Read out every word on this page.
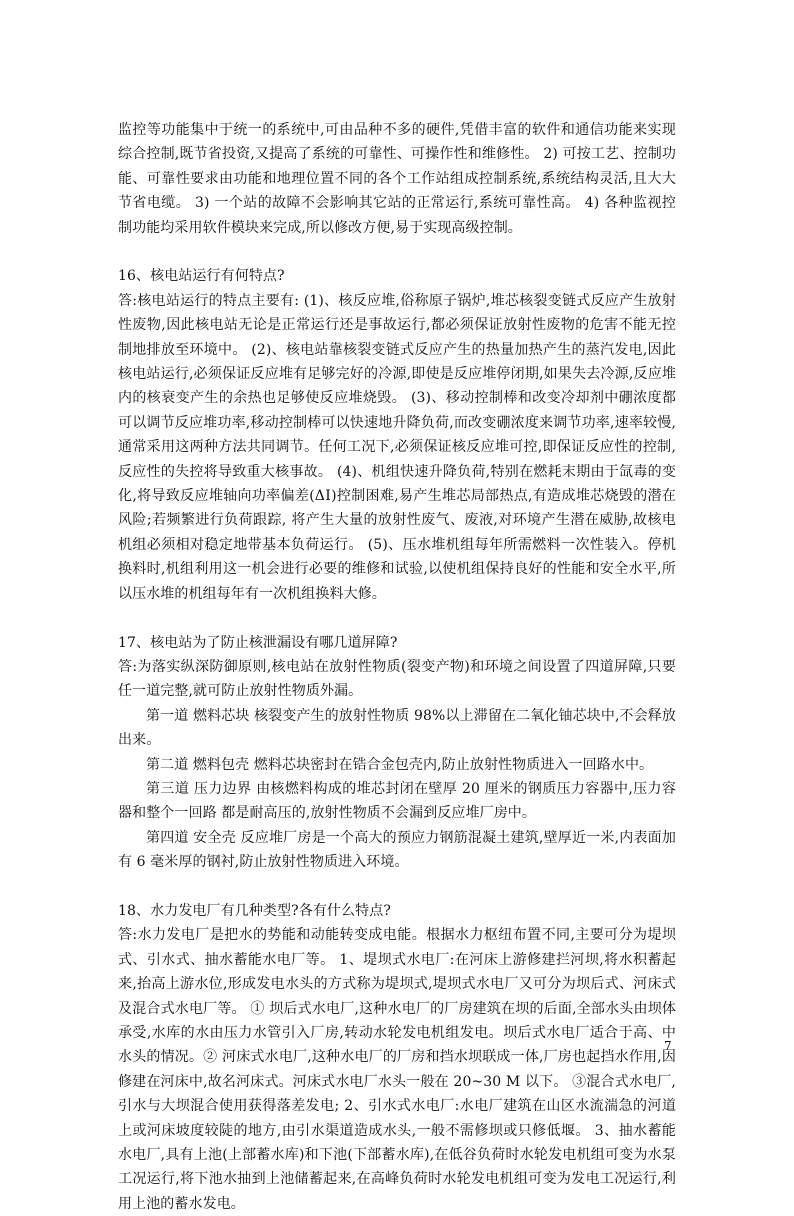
监控等功能集中于统一的系统中,可由品种不多的硬件,凭借丰富的软件和通信功能来实现综合控制,既节省投资,又提高了系统的可靠性、可操作性和维修性。 2) 可按工艺、控制功能、可靠性要求由功能和地理位置不同的各个工作站组成控制系统,系统结构灵活,且大大节省电缆。 3) 一个站的故障不会影响其它站的正常运行,系统可靠性高。 4) 各种监视控制功能均采用软件模块来完成,所以修改方便,易于实现高级控制。

16、核电站运行有何特点?

答:核电站运行的特点主要有: (1)、核反应堆,俗称原子锅炉,堆芯核裂变链式反应产生放射性废物,因此核电站无论是正常运行还是事故运行,都必须保证放射性废物的危害不能无控制地排放至环境中。 (2)、核电站靠核裂变链式反应产生的热量加热产生的蒸汽发电,因此核电站运行,必须保证反应堆有足够完好的冷源,即使是反应堆停闭期,如果失去冷源,反应堆内的核衰变产生的余热也足够使反应堆烧毁。 (3)、移动控制棒和改变冷却剂中硼浓度都可以调节反应堆功率,移动控制棒可以快速地升降负荷,而改变硼浓度来调节功率,速率较慢,通常采用这两种方法共同调节。任何工况下,必须保证核反应堆可控,即保证反应性的控制,反应性的失控将导致重大核事故。 (4)、机组快速升降负荷,特别在燃耗末期由于氙毒的变化,将导致反应堆轴向功率偏差(ΔⅠ)控制困难,易产生堆芯局部热点,有造成堆芯烧毁的潜在风险;若频繁进行负荷跟踪, 将产生大量的放射性废气、废液,对环境产生潜在威胁,故核电机组必须相对稳定地带基本负荷运行。 (5)、压水堆机组每年所需燃料一次性装入。停机换料时,机组利用这一机会进行必要的维修和试验,以使机组保持良好的性能和安全水平,所以压水堆的机组每年有一次机组换料大修。

17、核电站为了防止核泄漏设有哪几道屏障?

答:为落实纵深防御原则,核电站在放射性物质(裂变产物)和环境之间设置了四道屏障,只要任一道完整,就可防止放射性物质外漏。

第一道 燃料芯块 核裂变产生的放射性物质 98%以上滞留在二氧化铀芯块中,不会释放出来。

第二道 燃料包壳 燃料芯块密封在锆合金包壳内,防止放射性物质进入一回路水中。

第三道 压力边界 由核燃料构成的堆芯封闭在壁厚 20 厘米的钢质压力容器中,压力容器和整个一回路 都是耐高压的,放射性物质不会漏到反应堆厂房中。

第四道 安全壳 反应堆厂房是一个高大的预应力钢筋混凝土建筑,壁厚近一米,内表面加有 6 毫米厚的钢衬,防止放射性物质进入环境。

18、水力发电厂有几种类型?各有什么特点?

答:水力发电厂是把水的势能和动能转变成电能。根据水力枢纽布置不同,主要可分为堤坝式、引水式、抽水蓄能水电厂等。 1、堤坝式水电厂:在河床上游修建拦河坝,将水积蓄起来,抬高上游水位,形成发电水头的方式称为堤坝式,堤坝式水电厂又可分为坝后式、河床式及混合式水电厂等。 ① 坝后式水电厂,这种水电厂的厂房建筑在坝的后面,全部水头由坝体承受,水库的水由压力水管引入厂房,转动水轮发电机组发电。坝后式水电厂适合于高、中水头的情况。② 河床式水电厂,这种水电厂的厂房和挡水坝联成一体,厂房也起挡水作用,因修建在河床中,故名河床式。河床式水电厂水头一般在 20~30 M 以下。 ③混合式水电厂,引水与大坝混合使用获得落差发电; 2、引水式水电厂:水电厂建筑在山区水流湍急的河道上或河床坡度较陡的地方,由引水渠道造成水头,一般不需修坝或只修低堰。 3、抽水蓄能水电厂,具有上池(上部蓄水库)和下池(下部蓄水库),在低谷负荷时水轮发电机组可变为水泵工况运行,将下池水抽到上池储蓄起来,在高峰负荷时水轮发电机组可变为发电工况运行,利用上池的蓄水发电。

7
